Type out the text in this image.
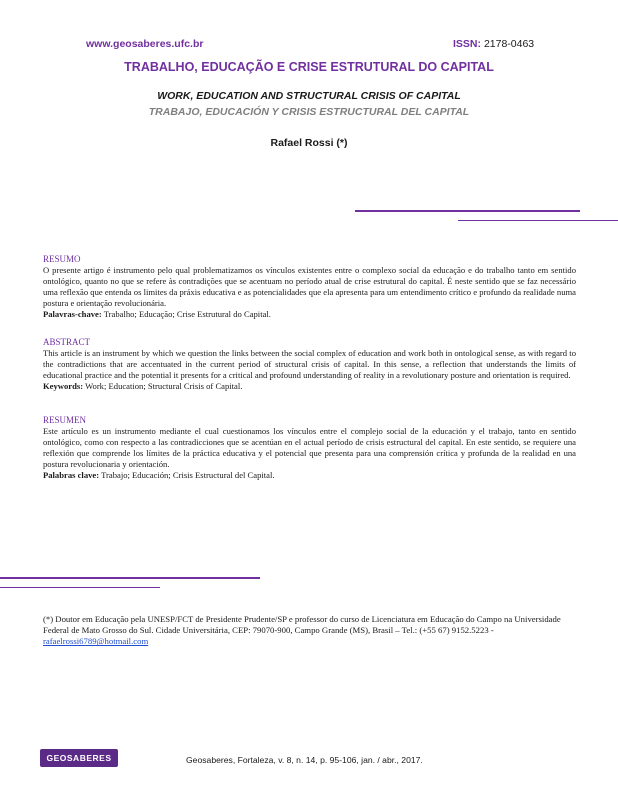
www.geosaberes.ufc.br	ISSN: 2178-0463
TRABALHO, EDUCAÇÃO E CRISE ESTRUTURAL DO CAPITAL
WORK, EDUCATION AND STRUCTURAL CRISIS OF CAPITAL
TRABAJO, EDUCACIÓN Y CRISIS ESTRUCTURAL DEL CAPITAL
Rafael Rossi (*)
RESUMO
O presente artigo é instrumento pelo qual problematizamos os vínculos existentes entre o complexo social da educação e do trabalho tanto em sentido ontológico, quanto no que se refere às contradições que se acentuam no período atual de crise estrutural do capital. É neste sentido que se faz necessário uma reflexão que entenda os limites da práxis educativa e as potencialidades que ela apresenta para um entendimento crítico e profundo da realidade numa postura e orientação revolucionária.
Palavras-chave: Trabalho; Educação; Crise Estrutural do Capital.
ABSTRACT
This article is an instrument by which we question the links between the social complex of education and work both in ontological sense, as with regard to the contradictions that are accentuated in the current period of structural crisis of capital. In this sense, a reflection that understands the limits of educational practice and the potential it presents for a critical and profound understanding of reality in a revolutionary posture and orientation is required.
Keywords: Work; Education; Structural Crisis of Capital.
RESUMEN
Este artículo es un instrumento mediante el cual cuestionamos los vínculos entre el complejo social de la educación y el trabajo, tanto en sentido ontológico, como con respecto a las contradicciones que se acentúan en el actual período de crisis estructural del capital. En este sentido, se requiere una reflexión que comprende los límites de la práctica educativa y el potencial que presenta para una comprensión crítica y profunda de la realidad en una postura revolucionaria y orientación.
Palabras clave: Trabajo; Educación; Crisis Estructural del Capital.
(*) Doutor em Educação pela UNESP/FCT de Presidente Prudente/SP e professor do curso de Licenciatura em Educação do Campo na Universidade Federal de Mato Grosso do Sul. Cidade Universitária, CEP: 79070-900, Campo Grande (MS), Brasil – Tel.: (+55 67) 9152.5223 - rafaelrossi6789@hotmail.com
GEOSABERES	Geosaberes, Fortaleza, v. 8, n. 14, p. 95-106, jan. / abr., 2017.
